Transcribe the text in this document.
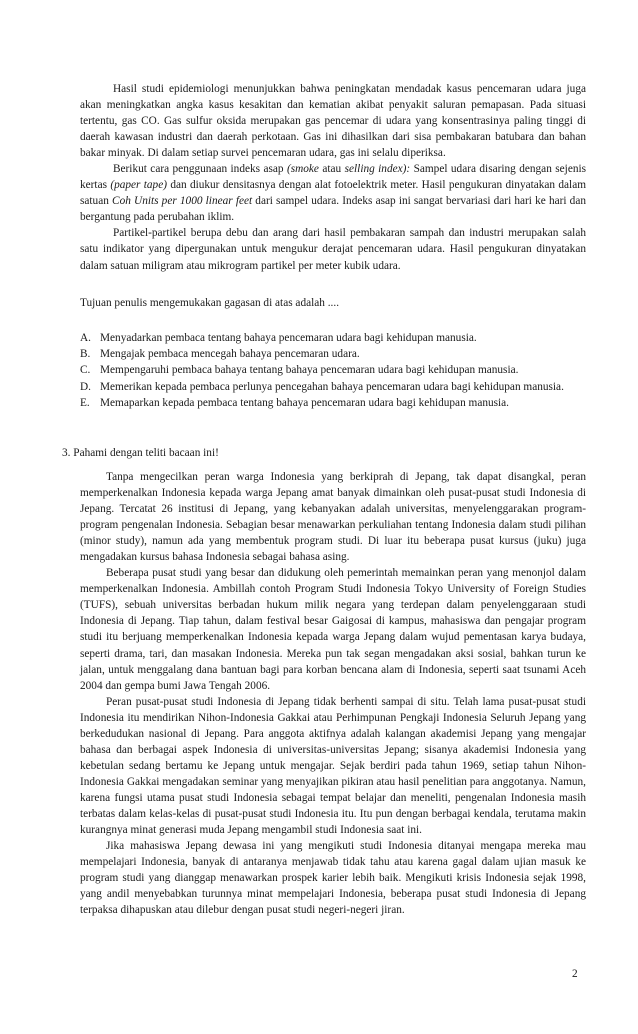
Hasil studi epidemiologi menunjukkan bahwa peningkatan mendadak kasus pencemaran udara juga akan meningkatkan angka kasus kesakitan dan kematian akibat penyakit saluran pemapasan. Pada situasi tertentu, gas CO. Gas sulfur oksida merupakan gas pencemar di udara yang konsentrasinya paling tinggi di daerah kawasan industri dan daerah perkotaan. Gas ini dihasilkan dari sisa pembakaran batubara dan bahan bakar minyak. Di dalam setiap survei pencemaran udara, gas ini selalu diperiksa.

Berikut cara penggunaan indeks asap (smoke atau selling index): Sampel udara disaring dengan sejenis kertas (paper tape) dan diukur densitasnya dengan alat fotoelektrik meter. Hasil pengukuran dinyatakan dalam satuan Coh Units per 1000 linear feet dari sampel udara. Indeks asap ini sangat bervariasi dari hari ke hari dan bergantung pada perubahan iklim.

Partikel-partikel berupa debu dan arang dari hasil pembakaran sampah dan industri merupakan salah satu indikator yang dipergunakan untuk mengukur derajat pencemaran udara. Hasil pengukuran dinyatakan dalam satuan miligram atau mikrogram partikel per meter kubik udara.

Tujuan penulis mengemukakan gagasan di atas adalah ....
A. Menyadarkan pembaca tentang bahaya pencemaran udara bagi kehidupan manusia.
B. Mengajak pembaca mencegah bahaya pencemaran udara.
C. Mempengaruhi pembaca bahaya tentang bahaya pencemaran udara bagi kehidupan manusia.
D. Memerikan kepada pembaca perlunya pencegahan bahaya pencemaran udara bagi kehidupan manusia.
E. Memaparkan kepada pembaca tentang bahaya pencemaran udara bagi kehidupan manusia.
3. Pahami dengan teliti bacaan ini!

Tanpa mengecilkan peran warga Indonesia yang berkiprah di Jepang, tak dapat disangkal, peran memperkenalkan Indonesia kepada warga Jepang amat banyak dimainkan oleh pusat-pusat studi Indonesia di Jepang. Tercatat 26 institusi di Jepang, yang kebanyakan adalah universitas, menyelenggarakan program-program pengenalan Indonesia. Sebagian besar menawarkan perkuliahan tentang Indonesia dalam studi pilihan (minor study), namun ada yang membentuk program studi. Di luar itu beberapa pusat kursus (juku) juga mengadakan kursus bahasa Indonesia sebagai bahasa asing.

Beberapa pusat studi yang besar dan didukung oleh pemerintah memainkan peran yang menonjol dalam memperkenalkan Indonesia. Ambillah contoh Program Studi Indonesia Tokyo University of Foreign Studies (TUFS), sebuah universitas berbadan hukum milik negara yang terdepan dalam penyelenggaraan studi Indonesia di Jepang. Tiap tahun, dalam festival besar Gaigosai di kampus, mahasiswa dan pengajar program studi itu berjuang memperkenalkan Indonesia kepada warga Jepang dalam wujud pementasan karya budaya, seperti drama, tari, dan masakan Indonesia. Mereka pun tak segan mengadakan aksi sosial, bahkan turun ke jalan, untuk menggalang dana bantuan bagi para korban bencana alam di Indonesia, seperti saat tsunami Aceh 2004 dan gempa bumi Jawa Tengah 2006.

Peran pusat-pusat studi Indonesia di Jepang tidak berhenti sampai di situ. Telah lama pusat-pusat studi Indonesia itu mendirikan Nihon-Indonesia Gakkai atau Perhimpunan Pengkaji Indonesia Seluruh Jepang yang berkedudukan nasional di Jepang. Para anggota aktifnya adalah kalangan akademisi Jepang yang mengajar bahasa dan berbagai aspek Indonesia di universitas-universitas Jepang; sisanya akademisi Indonesia yang kebetulan sedang bertamu ke Jepang untuk mengajar. Sejak berdiri pada tahun 1969, setiap tahun Nihon-Indonesia Gakkai mengadakan seminar yang menyajikan pikiran atau hasil penelitian para anggotanya. Namun, karena fungsi utama pusat studi Indonesia sebagai tempat belajar dan meneliti, pengenalan Indonesia masih terbatas dalam kelas-kelas di pusat-pusat studi Indonesia itu. Itu pun dengan berbagai kendala, terutama makin kurangnya minat generasi muda Jepang mengambil studi Indonesia saat ini.

Jika mahasiswa Jepang dewasa ini yang mengikuti studi Indonesia ditanyai mengapa mereka mau mempelajari Indonesia, banyak di antaranya menjawab tidak tahu atau karena gagal dalam ujian masuk ke program studi yang dianggap menawarkan prospek karier lebih baik. Mengikuti krisis Indonesia sejak 1998, yang andil menyebabkan turunnya minat mempelajari Indonesia, beberapa pusat studi Indonesia di Jepang terpaksa dihapuskan atau dilebur dengan pusat studi negeri-negeri jiran.

2
